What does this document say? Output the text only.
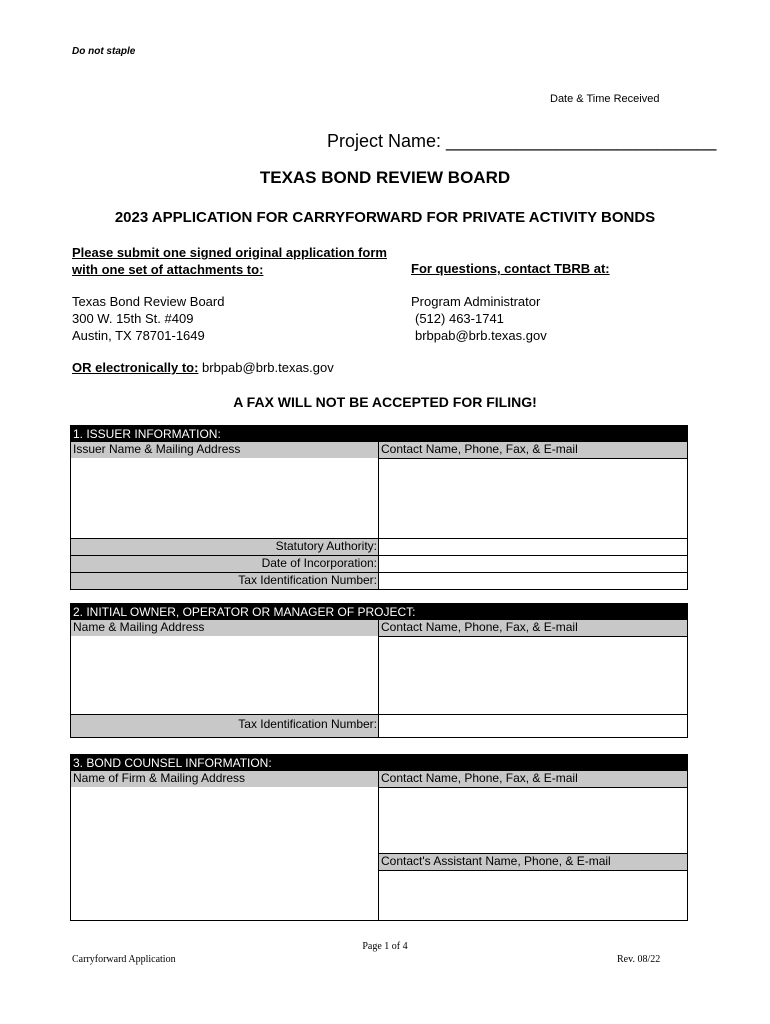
Do not staple
Date & Time Received
Project Name: ___________________________
TEXAS BOND REVIEW BOARD
2023 APPLICATION FOR CARRYFORWARD FOR PRIVATE ACTIVITY BONDS
Please submit one signed original application form with one set of attachments to:	For questions, contact TBRB at:
Texas Bond Review Board
300 W. 15th St. #409
Austin, TX 78701-1649
Program Administrator
(512) 463-1741
brbpab@brb.texas.gov
OR electronically to: brbpab@brb.texas.gov
A FAX WILL NOT BE ACCEPTED FOR FILING!
1. ISSUER INFORMATION:
Issuer Name & Mailing Address	Contact Name, Phone, Fax, & E-mail
Statutory Authority:
Date of Incorporation:
Tax Identification Number:
2. INITIAL OWNER, OPERATOR OR MANAGER OF PROJECT:
Name & Mailing Address	Contact Name, Phone, Fax, & E-mail
Tax Identification Number:
3. BOND COUNSEL INFORMATION:
Name of Firm & Mailing Address	Contact Name, Phone, Fax, & E-mail
Contact's Assistant Name, Phone, & E-mail
Page 1 of 4
Carryforward Application	Rev. 08/22
